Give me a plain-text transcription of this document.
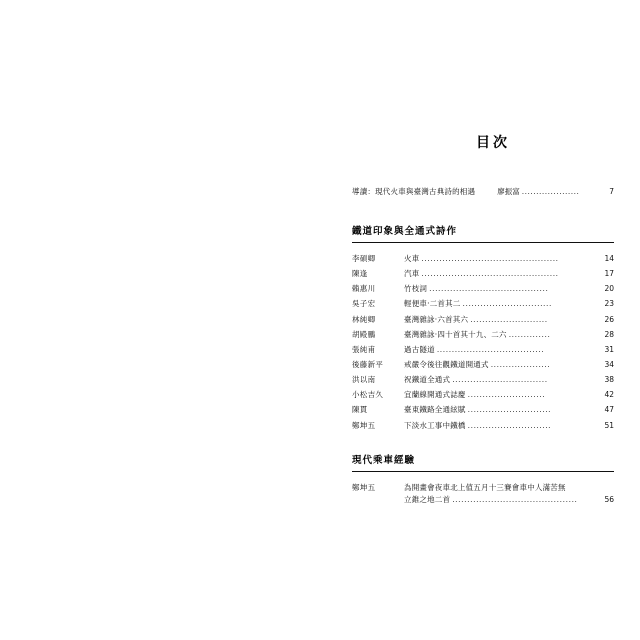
目次
導讀：現代火車與臺灣古典詩的相遇	廖振富 ....................	7
鐵道印象與全通式詩作
李碩卿	火車 ..............................................	14
陳逢	汽車 ..............................................	17
賴惠川	竹枝詞 ........................................	20
吳子宏	輕便車‧二首其二 ..............................	23
林純卿	臺灣雜詠‧六首其六 ..........................	26
胡殿鵬	臺灣雜詠‧四十首其十九、二六 ..............	28
張純甫	過古隧道 ....................................	31
後藤新平	戒嚴令後往觀鐵道開通式 ....................	34
洪以南	祝鐵道全通式 ................................	38
小松吉久	宜蘭線開通式誌慶 ..........................	42
陳貫	臺東鐵路全通絃賦 ............................	47
鄭坤五	下淡水工事中鐵橋 ............................	51
現代乘車經驗
鄭坤五	為開畫會夜車北上值五月十三賽會車中人滿苦無
立錐之地二首 ..........................................	56
